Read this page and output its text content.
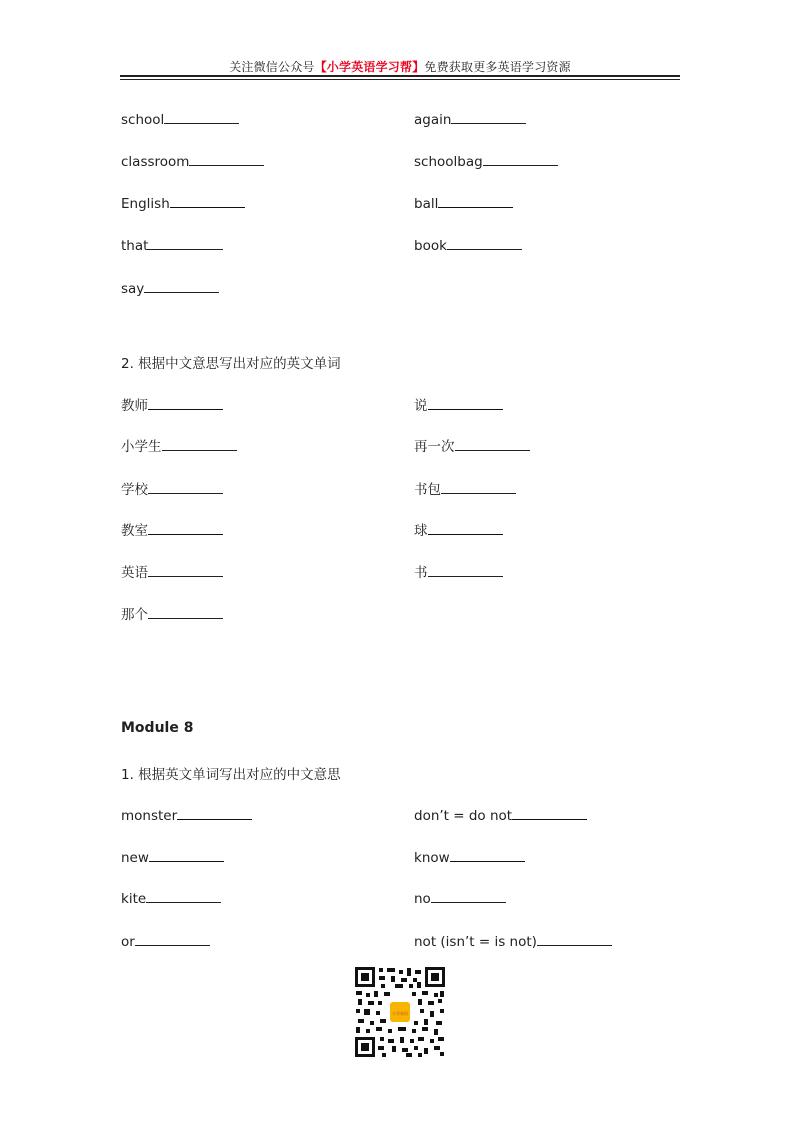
关注微信公众号【小学英语学习帮】免费获取更多英语学习资源
school
classroom
English
that
say
again
schoolbag
ball
book
2. 根据中文意思写出对应的英文单词
教师
小学生
学校
教室
英语
那个
说
再一次
书包
球
书
Module 8
1. 根据英文单词写出对应的中文意思
monster
new
kite
or
don’t = do not
know
no
not (isn’t = is not)
小学英语
